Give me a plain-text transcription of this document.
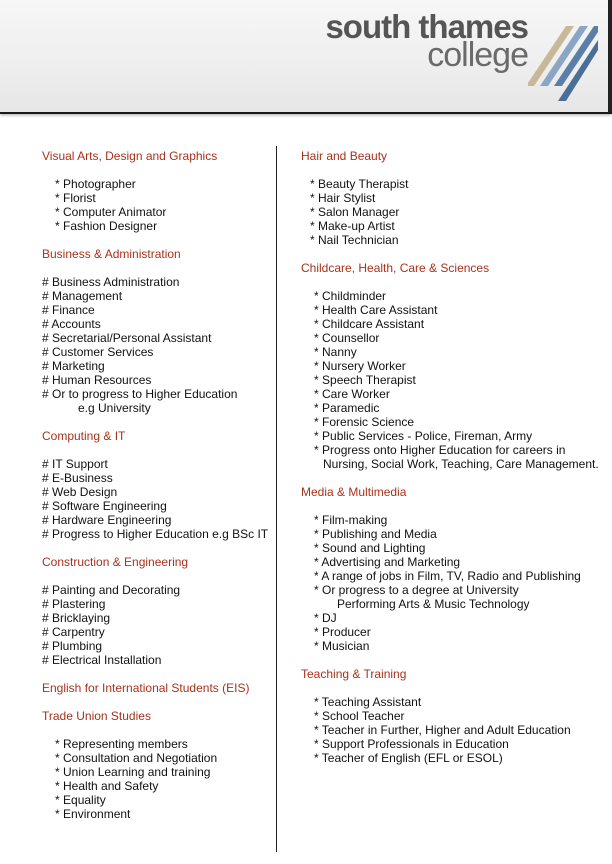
south thames
college
Visual Arts, Design and Graphics
* Photographer
* Florist
* Computer Animator
* Fashion Designer
Business & Administration
# Business Administration
# Management
# Finance
# Accounts
# Secretarial/Personal Assistant
# Customer Services
# Marketing
# Human Resources
# Or to progress to Higher Education
e.g University
Computing & IT
# IT Support
# E-Business
# Web Design
# Software Engineering
# Hardware Engineering
# Progress to Higher Education e.g BSc IT
Construction & Engineering
# Painting and Decorating
# Plastering
# Bricklaying
# Carpentry
# Plumbing
# Electrical Installation
English for International Students (EIS)
Trade Union Studies
* Representing members
* Consultation and Negotiation
* Union Learning and training
* Health and Safety
* Equality
* Environment
Hair and Beauty
* Beauty Therapist
* Hair Stylist
* Salon Manager
* Make-up Artist
* Nail Technician
Childcare, Health, Care & Sciences
* Childminder
* Health Care Assistant
* Childcare Assistant
* Counsellor
* Nanny
* Nursery Worker
* Speech Therapist
* Care Worker
* Paramedic
* Forensic Science
* Public Services - Police, Fireman, Army
* Progress onto Higher Education for careers in
Nursing, Social Work, Teaching, Care Management.
Media & Multimedia
* Film-making
* Publishing and Media
* Sound and Lighting
* Advertising and Marketing
* A range of jobs in Film, TV, Radio and Publishing
* Or progress to a degree at University
Performing Arts & Music Technology
* DJ
* Producer
* Musician
Teaching & Training
* Teaching Assistant
* School Teacher
* Teacher in Further, Higher and Adult Education
* Support Professionals in Education
* Teacher of English (EFL or ESOL)
